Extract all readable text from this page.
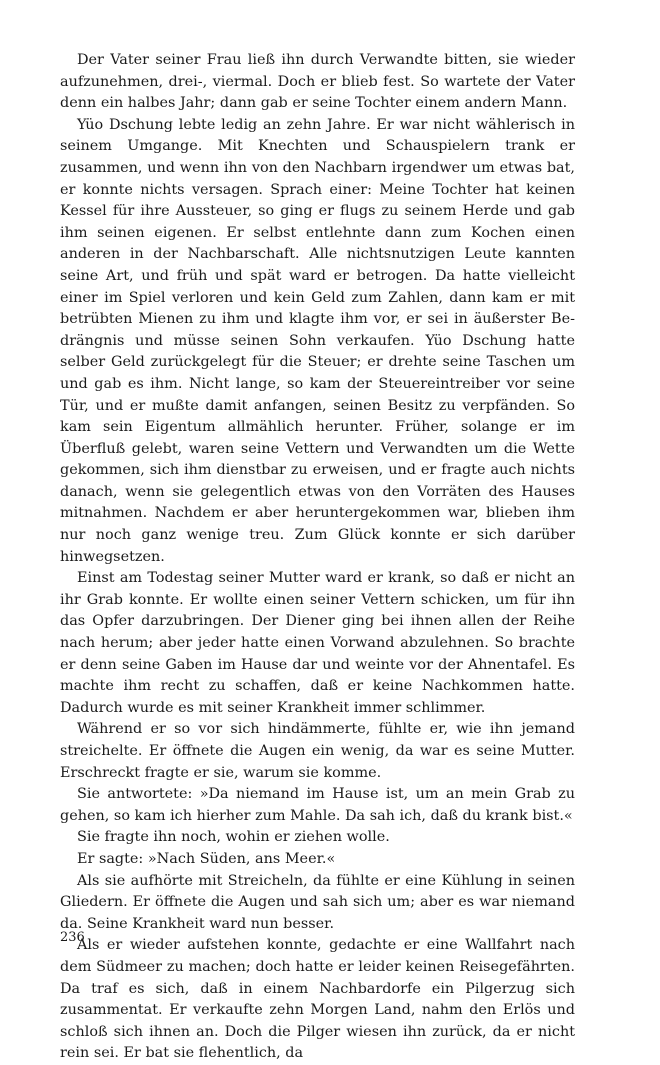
Der Vater seiner Frau ließ ihn durch Verwandte bitten, sie wieder aufzunehmen, drei-, viermal. Doch er blieb fest. So wartete der Vater denn ein halbes Jahr; dann gab er seine Tochter einem andern Mann.

Yüo Dschung lebte ledig an zehn Jahre. Er war nicht wählerisch in seinem Umgange. Mit Knechten und Schauspielern trank er zusammen, und wenn ihn von den Nachbarn irgendwer um etwas bat, er konnte nichts versagen. Sprach einer: Meine Tochter hat keinen Kessel für ihre Aussteuer, so ging er flugs zu seinem Herde und gab ihm seinen eigenen. Er selbst entlehnte dann zum Kochen einen anderen in der Nachbarschaft. Alle nichtsnutzigen Leute kannten seine Art, und früh und spät ward er betrogen. Da hatte vielleicht einer im Spiel verloren und kein Geld zum Zahlen, dann kam er mit betrübten Mienen zu ihm und klagte ihm vor, er sei in äußerster Bedrängnis und müsse seinen Sohn verkaufen. Yüo Dschung hatte selber Geld zurückgelegt für die Steuer; er drehte seine Taschen um und gab es ihm. Nicht lange, so kam der Steuereintreiber vor seine Tür, und er mußte damit anfangen, seinen Besitz zu verpfänden. So kam sein Eigentum allmählich herunter. Früher, solange er im Überfluß gelebt, waren seine Vettern und Verwandten um die Wette gekommen, sich ihm dienstbar zu erweisen, und er fragte auch nichts danach, wenn sie gelegentlich etwas von den Vorräten des Hauses mitnahmen. Nachdem er aber heruntergekommen war, blieben ihm nur noch ganz wenige treu. Zum Glück konnte er sich darüber hinwegsetzen.

Einst am Todestag seiner Mutter ward er krank, so daß er nicht an ihr Grab konnte. Er wollte einen seiner Vettern schicken, um für ihn das Opfer darzubringen. Der Diener ging bei ihnen allen der Reihe nach herum; aber jeder hatte einen Vorwand abzulehnen. So brachte er denn seine Gaben im Hause dar und weinte vor der Ahnentafel. Es machte ihm recht zu schaffen, daß er keine Nachkommen hatte. Dadurch wurde es mit seiner Krankheit immer schlimmer.

Während er so vor sich hindämmerte, fühlte er, wie ihn jemand streichelte. Er öffnete die Augen ein wenig, da war es seine Mutter. Erschreckt fragte er sie, warum sie komme.

Sie antwortete: »Da niemand im Hause ist, um an mein Grab zu gehen, so kam ich hierher zum Mahle. Da sah ich, daß du krank bist.«

Sie fragte ihn noch, wohin er ziehen wolle.

Er sagte: »Nach Süden, ans Meer.«

Als sie aufhörte mit Streicheln, da fühlte er eine Kühlung in seinen Gliedern. Er öffnete die Augen und sah sich um; aber es war niemand da. Seine Krankheit ward nun besser.

Als er wieder aufstehen konnte, gedachte er eine Wallfahrt nach dem Südmeer zu machen; doch hatte er leider keinen Reisegefährten. Da traf es sich, daß in einem Nachbardorfe ein Pilgerzug sich zusammentat. Er verkaufte zehn Morgen Land, nahm den Erlös und schloß sich ihnen an. Doch die Pilger wiesen ihn zurück, da er nicht rein sei. Er bat sie flehentlich, da

236
